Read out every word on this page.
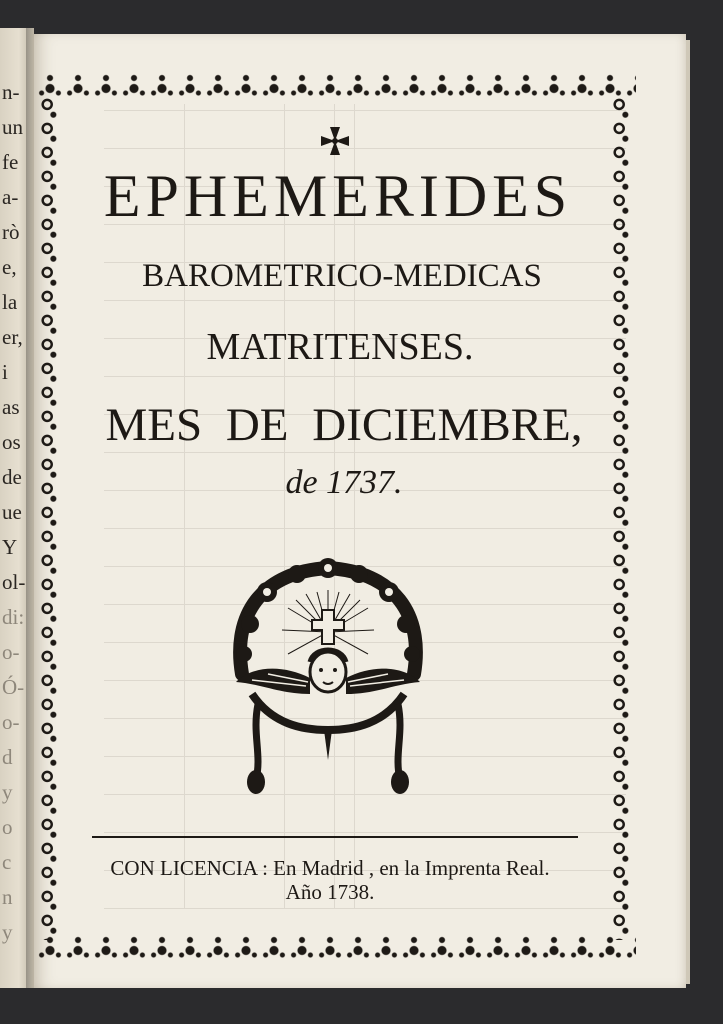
n-
un
fe
a-
rò
e,
la
er,
i
as
os
de
ue
Y
ol-
di:
o-
Ó-
o-
d
y
o
c
n
y
EPHEMERIDES
BAROMETRICO-MEDICAS
MATRITENSES.
MES DE DICIEMBRE,
de 1737.
CON LICENCIA : En Madrid , en la Imprenta Real.
Año 1738.
